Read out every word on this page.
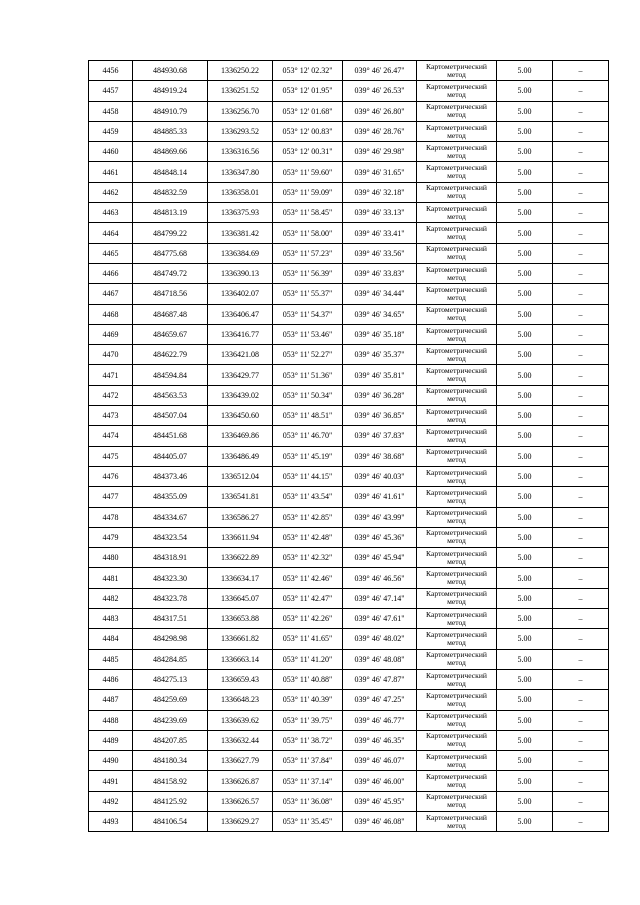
4456	484930.68	1336250.22	053° 12' 02.32"	039° 46' 26.47"	Картометрический метод	5.00	–
4457	484919.24	1336251.52	053° 12' 01.95"	039° 46' 26.53"	Картометрический метод	5.00	–
4458	484910.79	1336256.70	053° 12' 01.68"	039° 46' 26.80"	Картометрический метод	5.00	–
4459	484885.33	1336293.52	053° 12' 00.83"	039° 46' 28.76"	Картометрический метод	5.00	–
4460	484869.66	1336316.56	053° 12' 00.31"	039° 46' 29.98"	Картометрический метод	5.00	–
4461	484848.14	1336347.80	053° 11' 59.60"	039° 46' 31.65"	Картометрический метод	5.00	–
4462	484832.59	1336358.01	053° 11' 59.09"	039° 46' 32.18"	Картометрический метод	5.00	–
4463	484813.19	1336375.93	053° 11' 58.45"	039° 46' 33.13"	Картометрический метод	5.00	–
4464	484799.22	1336381.42	053° 11' 58.00"	039° 46' 33.41"	Картометрический метод	5.00	–
4465	484775.68	1336384.69	053° 11' 57.23"	039° 46' 33.56"	Картометрический метод	5.00	–
4466	484749.72	1336390.13	053° 11' 56.39"	039° 46' 33.83"	Картометрический метод	5.00	–
4467	484718.56	1336402.07	053° 11' 55.37"	039° 46' 34.44"	Картометрический метод	5.00	–
4468	484687.48	1336406.47	053° 11' 54.37"	039° 46' 34.65"	Картометрический метод	5.00	–
4469	484659.67	1336416.77	053° 11' 53.46"	039° 46' 35.18"	Картометрический метод	5.00	–
4470	484622.79	1336421.08	053° 11' 52.27"	039° 46' 35.37"	Картометрический метод	5.00	–
4471	484594.84	1336429.77	053° 11' 51.36"	039° 46' 35.81"	Картометрический метод	5.00	–
4472	484563.53	1336439.02	053° 11' 50.34"	039° 46' 36.28"	Картометрический метод	5.00	–
4473	484507.04	1336450.60	053° 11' 48.51"	039° 46' 36.85"	Картометрический метод	5.00	–
4474	484451.68	1336469.86	053° 11' 46.70"	039° 46' 37.83"	Картометрический метод	5.00	–
4475	484405.07	1336486.49	053° 11' 45.19"	039° 46' 38.68"	Картометрический метод	5.00	–
4476	484373.46	1336512.04	053° 11' 44.15"	039° 46' 40.03"	Картометрический метод	5.00	–
4477	484355.09	1336541.81	053° 11' 43.54"	039° 46' 41.61"	Картометрический метод	5.00	–
4478	484334.67	1336586.27	053° 11' 42.85"	039° 46' 43.99"	Картометрический метод	5.00	–
4479	484323.54	1336611.94	053° 11' 42.48"	039° 46' 45.36"	Картометрический метод	5.00	–
4480	484318.91	1336622.89	053° 11' 42.32"	039° 46' 45.94"	Картометрический метод	5.00	–
4481	484323.30	1336634.17	053° 11' 42.46"	039° 46' 46.56"	Картометрический метод	5.00	–
4482	484323.78	1336645.07	053° 11' 42.47"	039° 46' 47.14"	Картометрический метод	5.00	–
4483	484317.51	1336653.88	053° 11' 42.26"	039° 46' 47.61"	Картометрический метод	5.00	–
4484	484298.98	1336661.82	053° 11' 41.65"	039° 46' 48.02"	Картометрический метод	5.00	–
4485	484284.85	1336663.14	053° 11' 41.20"	039° 46' 48.08"	Картометрический метод	5.00	–
4486	484275.13	1336659.43	053° 11' 40.88"	039° 46' 47.87"	Картометрический метод	5.00	–
4487	484259.69	1336648.23	053° 11' 40.39"	039° 46' 47.25"	Картометрический метод	5.00	–
4488	484239.69	1336639.62	053° 11' 39.75"	039° 46' 46.77"	Картометрический метод	5.00	–
4489	484207.85	1336632.44	053° 11' 38.72"	039° 46' 46.35"	Картометрический метод	5.00	–
4490	484180.34	1336627.79	053° 11' 37.84"	039° 46' 46.07"	Картометрический метод	5.00	–
4491	484158.92	1336626.87	053° 11' 37.14"	039° 46' 46.00"	Картометрический метод	5.00	–
4492	484125.92	1336626.57	053° 11' 36.08"	039° 46' 45.95"	Картометрический метод	5.00	–
4493	484106.54	1336629.27	053° 11' 35.45"	039° 46' 46.08"	Картометрический метод	5.00	–
